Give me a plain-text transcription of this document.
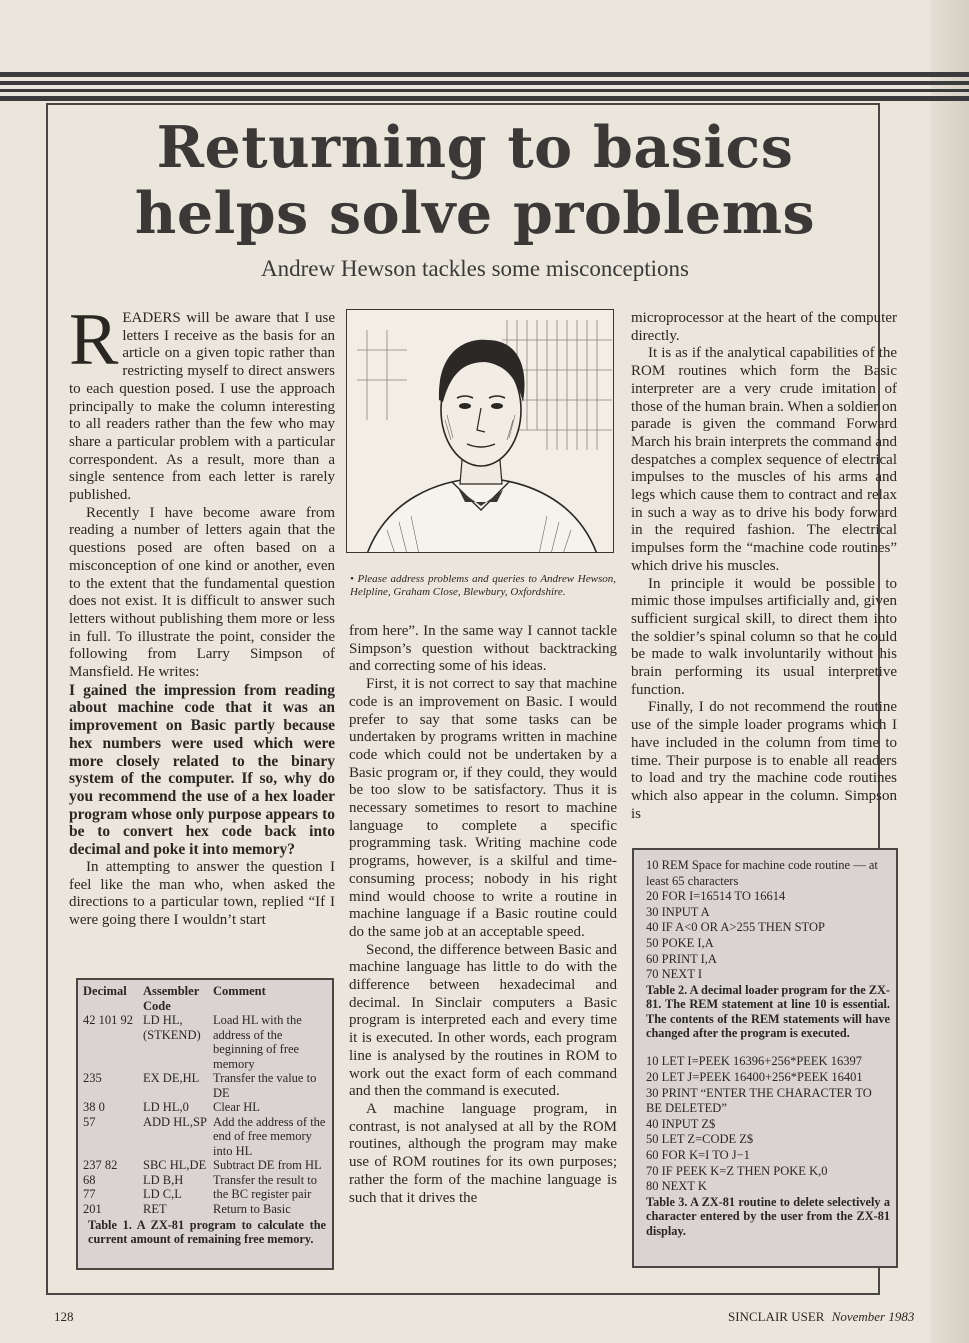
Returning to basics
helps solve problems
Andrew Hewson tackles some misconceptions

READERS will be aware that I use letters I receive as the basis for an article on a given topic rather than restricting myself to direct answers to each question posed. I use the approach principally to make the column interesting to all readers rather than the few who may share a particular problem with a particular correspondent. As a result, more than a single sentence from each letter is rarely published.

Recently I have become aware from reading a number of letters again that the questions posed are often based on a misconception of one kind or another, even to the extent that the fundamental question does not exist. It is difficult to answer such letters without publishing them more or less in full. To illustrate the point, consider the following from Larry Simpson of Mansfield. He writes:

I gained the impression from reading about machine code that it was an improvement on Basic partly because hex numbers were used which were more closely related to the binary system of the computer. If so, why do you recommend the use of a hex loader program whose only purpose appears to be to convert hex code back into decimal and poke it into memory?

In attempting to answer the question I feel like the man who, when asked the directions to a particular town, replied “If I were going there I wouldn’t start

• Please address problems and queries to Andrew Hewson, Helpline, Graham Close, Blewbury, Oxfordshire.

from here”. In the same way I cannot tackle Simpson’s question without backtracking and correcting some of his ideas.

First, it is not correct to say that machine code is an improvement on Basic. I would prefer to say that some tasks can be undertaken by programs written in machine code which could not be undertaken by a Basic program or, if they could, they would be too slow to be satisfactory. Thus it is necessary sometimes to resort to machine language to complete a specific programming task. Writing machine code programs, however, is a skilful and time-consuming process; nobody in his right mind would choose to write a routine in machine language if a Basic routine could do the same job at an acceptable speed.

Second, the difference between Basic and machine language has little to do with the difference between hexadecimal and decimal. In Sinclair computers a Basic program is interpreted each and every time it is executed. In other words, each program line is analysed by the routines in ROM to work out the exact form of each command and then the command is executed.

A machine language program, in contrast, is not analysed at all by the ROM routines, although the program may make use of ROM routines for its own purposes; rather the form of the machine language is such that it drives the

microprocessor at the heart of the computer directly.

It is as if the analytical capabilities of the ROM routines which form the Basic interpreter are a very crude imitation of those of the human brain. When a soldier on parade is given the command Forward March his brain interprets the command and despatches a complex sequence of electrical impulses to the muscles of his arms and legs which cause them to contract and relax in such a way as to drive his body forward in the required fashion. The electrical impulses form the “machine code routines” which drive his muscles.

In principle it would be possible to mimic those impulses artificially and, given sufficient surgical skill, to direct them into the soldier’s spinal column so that he could be made to walk involuntarily without his brain performing its usual interpretive function.

Finally, I do not recommend the routine use of the simple loader programs which I have included in the column from time to time. Their purpose is to enable all readers to load and try the machine code routines which also appear in the column. Simpson is

Decimal	Assembler Code	Comment
42 101 92	LD HL, (STKEND)	Load HL with the address of the beginning of free memory
235	EX DE,HL	Transfer the value to DE
38 0	LD HL,0	Clear HL
57	ADD HL,SP	Add the address of the end of free memory into HL
237 82	SBC HL,DE	Subtract DE from HL
68	LD B,H	Transfer the result to
77	LD C,L	the BC register pair
201	RET	Return to Basic
Table 1. A ZX-81 program to calculate the current amount of remaining free memory.
10 REM Space for machine code routine — at least 65 characters
20 FOR I=16514 TO 16614
30 INPUT A
40 IF A<0 OR A>255 THEN STOP
50 POKE I,A
60 PRINT I,A
70 NEXT I
Table 2. A decimal loader program for the ZX-81. The REM statement at line 10 is essential. The contents of the REM statements will have changed after the program is executed.
10 LET I=PEEK 16396+256*PEEK 16397
20 LET J=PEEK 16400+256*PEEK 16401
30 PRINT “ENTER THE CHARACTER TO BE DELETED”
40 INPUT Z$
50 LET Z=CODE Z$
60 FOR K=I TO J−1
70 IF PEEK K=Z THEN POKE K,0
80 NEXT K
Table 3. A ZX-81 routine to delete selectively a character entered by the user from the ZX-81 display.
128	SINCLAIR USER November 1983
